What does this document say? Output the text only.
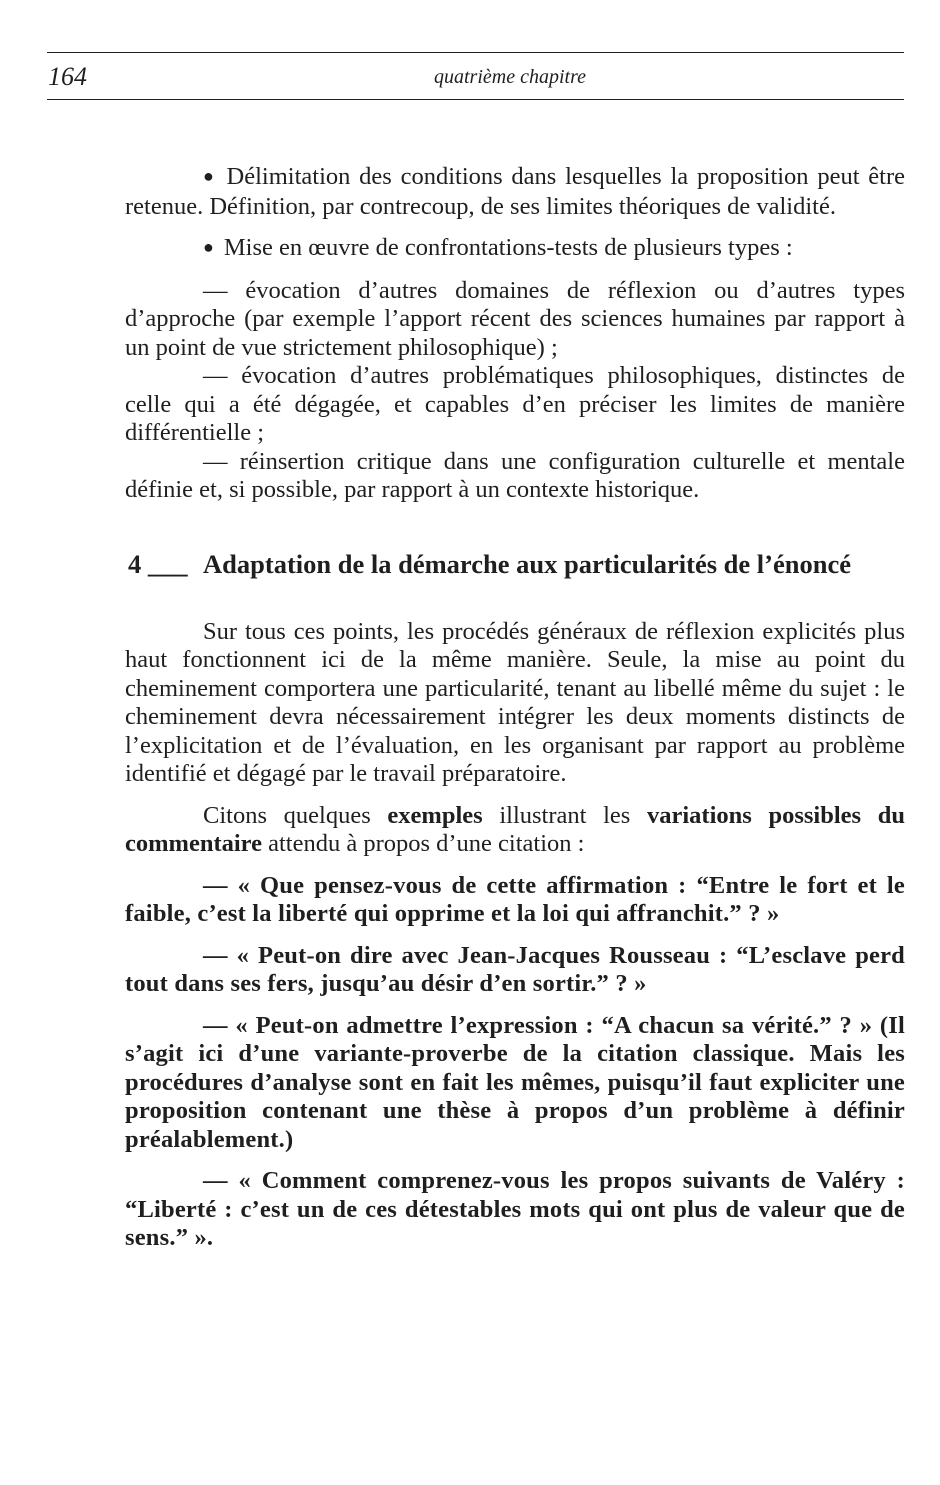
164	quatrième chapitre

● Délimitation des conditions dans lesquelles la proposition peut être retenue. Définition, par contrecoup, de ses limites théoriques de validité.

● Mise en œuvre de confrontations-tests de plusieurs types :

— évocation d’autres domaines de réflexion ou d’autres types d’approche (par exemple l’apport récent des sciences humaines par rapport à un point de vue strictement philosophique) ;

— évocation d’autres problématiques philosophiques, distinctes de celle qui a été dégagée, et capables d’en préciser les limites de manière différentielle ;

— réinsertion critique dans une configuration culturelle et mentale définie et, si possible, par rapport à un contexte historique.

4 ___ Adaptation de la démarche aux particularités de l’énoncé

Sur tous ces points, les procédés généraux de réflexion explicités plus haut fonctionnent ici de la même manière. Seule, la mise au point du cheminement comportera une particularité, tenant au libellé même du sujet : le cheminement devra nécessairement intégrer les deux moments distincts de l’explicitation et de l’évaluation, en les organisant par rapport au problème identifié et dégagé par le travail préparatoire.

Citons quelques exemples illustrant les variations possibles du commentaire attendu à propos d’une citation :

— « Que pensez-vous de cette affirmation : “Entre le fort et le faible, c’est la liberté qui opprime et la loi qui affranchit.” ? »

— « Peut-on dire avec Jean-Jacques Rousseau : “L’esclave perd tout dans ses fers, jusqu’au désir d’en sortir.” ? »

— « Peut-on admettre l’expression : “A chacun sa vérité.” ? » (Il s’agit ici d’une variante-proverbe de la citation classique. Mais les procédures d’analyse sont en fait les mêmes, puisqu’il faut expliciter une proposition contenant une thèse à propos d’un problème à définir préalablement.)

— « Comment comprenez-vous les propos suivants de Valéry : “Liberté : c’est un de ces détestables mots qui ont plus de valeur que de sens.” ».
